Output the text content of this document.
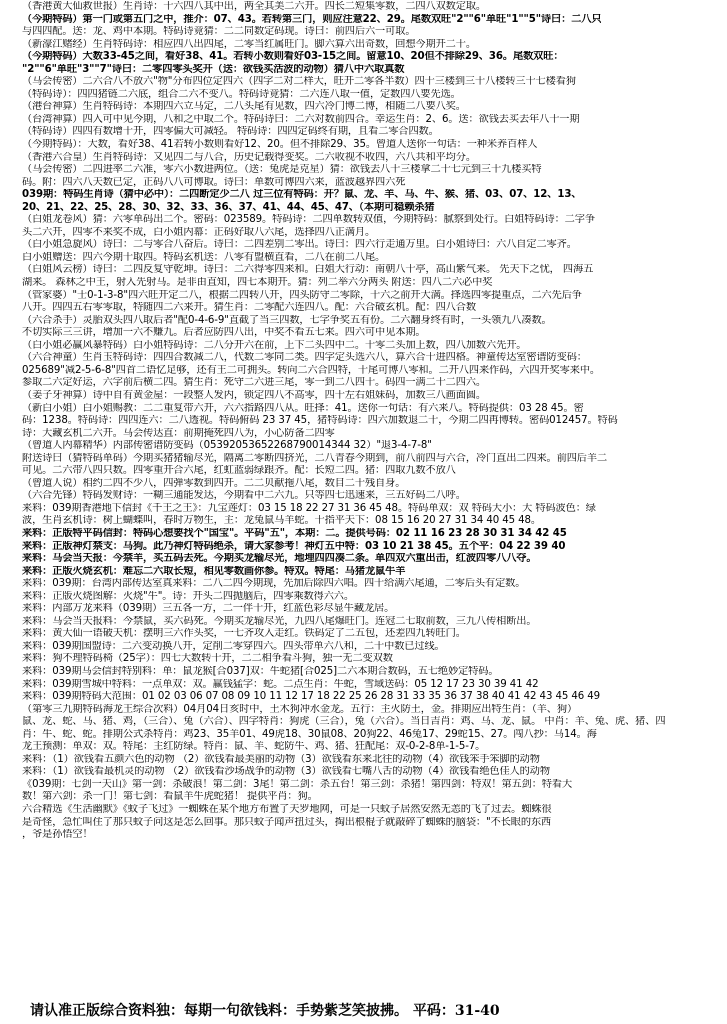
（香港黄大仙救世报）生肖诗：十六四八其中出，两全其美二六开。四长二短集零数，二四八双数定取。
（今期特码）第一门或第五门之中，推介：07、43。若转第三门，则应注意22、29。尾数双旺"2""6"单旺"1""5"诗曰：二八只
与四四配。送：龙、鸡中本期。特码诗竟猜：二二同数定码现。诗曰：前四后六一可取。
（新濠江赌经）生肖特码诗：相应四八出四尾，二零当红属旺门。脚六算六出奇数，回想今期开二十。
（今期特码）大数33-45之间，看好38、41。若转小数则看好03-15之间。留意10、20但不排除29、36。尾数双旺：
"2""6"单旺"3""7"诗曰：二零四零头奖开（送：欲钱买活波的动物）猜八中六取真数
（马会传密）二六合八不放六"物"分布四位定四六（四字二对二样大，旺开二零各半数）四十三楼到三十八楼转三十七楼看狗
（特码诗）：四四猪链二六底，组合二六不变八。特码诗竟猜：二六连八取一值，定数四八要先选。
（港台神算）生肖特码诗：本期四六立马定，二八头尾有见数，四六冷门博二博，相随二八要八奖。
（台湾神算）四入可中见今期，八和之中取二个。特码诗曰：二六对数前四合。幸运生肖：2、6。送：欲钱去买去年八十一期
（特码诗）四四有数增十开，四零偏大可减轻。 特码诗：四四定码终有期，且看二零合四数。
（今期特码）：大数，看好38、41若转小数则看好12、20。但不排除29、35。曾道人送你一句话：一种米养百样人
（香港六合皇）生肖特码诗：又见四二与八合，历史记载得变奖。二六收视不收四，六八共和平均分。
（马会传密）二四进率二六准，零六小数进两位。（送：兔虎是克星）猜：欲钱去八十三楼拿二十七元到三十九楼买特
码。附：四六八天数已定，正码八八可博取。诗曰：单数可博四六来，蓝波越界四六死
039期：特码生肖诗（猜中必中）：二四断定少二八 过三位有特码：开？鼠、龙、羊、马、牛、猴、猪、03、07、12、13、
20、21、22、25、28、30、32、33、36、37、41、44、45、47、（本期可稳赖杀猪
（白姐龙卷风）猜：六零单码出二个。密码：023589。特码诗：二四单数转双值，今期特码：腻察到处行。白姐特码诗：二字争
头二六开，四零不来奖不成，白小姐内幕：正码好取八六尾，选择四八正满月。
（白小姐急旋风）诗曰：二与零合八奋后。诗曰：二四差别二零出。诗曰：四六行走通万里。白小姐诗曰：六八自定二零齐。
白小姐赠送：四六今期十取四。特码玄机送：八零有盟横直看，二八在前二八尾。
（白姐风云榜）诗曰：二四反复守乾坤。诗曰：二六得零四来和。白姐大行动：南朝八十亭，高山紫气来。 先天下之忧， 四海五
湖来。 森林之中王，射入先射马。是非由直知，四七本期开。猜：列二举六分两头 附送：四八二六必中奖
（管家婆）"士0-1-3-8"四六旺开定二八，根据二四转八开，四头防守二零除，十六之前开大满。择选四零提重点，二六先后争
八开。四四五右零零取，特随四二六来开。猜生肖：二零配六连四八。配：六合破玄机。配：四八合数
（六合杀手）灵胎双头四八取后者"配0-4-6-9"直截了当三四数，七字争奖五有份。二六翻身终有时，一头领九八凑数。
不切实际三三讲，增加一六不赚九。后者应防四八出，中奖不看五七来。四六可中见本期。
（白小姐必赢风暴特码）白小姐特码诗：二八分开六在前，上下二头四中二。十零二头加上数，四八加数六先开。
（六合神童）生肖玉特码诗：四四合数减二八，代数二零同二类。四字定头选六八，算六合十进四格。神童传达室密谱防变码：
025689"减2-5-6-8"四首二语忆足够，还有王二可拥头。转向二六合四特，十尾可博八零和。二开八四来作码，六四开奖零来中。
参取二六定好运，六字前后横二四。猜生肖：死守二六进三尾，零一到二八四十。码四一满二十二四六。
（姜子牙神算）诗中自有黄金屋：一段整人发内，锁定四八不高零，四十左右姐妹码，加数三八画面圆。
（新白小姐）白小姐赐教：二二重复带六开，六六指路四八从。旺择：41。送你一句话：有六来八。特码提供：03 28 45。密
码：1238。特码诗：四四连六：二八透视。特码俯码 23 37 45，猪特码诗：四六加数退二十，今期二四再博转。密码012457。特码
诗：大藏玄机二六开。马会传达直：前期掩死四八为，小心防备二四零
（曾道人内幕精华）内部传密谱防变码（05392053652268790014344 32）"退3-4-7-8"
附送诗曰（猜特码单码）今期买猪猪输尽光，隔离二零断四挤光，二八青春今期到，前八前四与六合，冷门直出二四来。前四后羊二
可见。二六带八四只数。四零重开合六尾，红虹蓝弱绿跟齐。配：长短二四。猪：四取九数不放八
（曾道人说）相约二四不少八，四弹零数到四开。二二贝献拖八尾，数目二十残自身。
（六合先锋）特码发财诗：一糊三通能发达，今期看中二六九。只等四七迅速来，三五好码二八呼。
来料：039期香港地下信封《千王之王》：九宝莲灯：03 15 18 22 27 31 36 45 48。特码单双：双 特码大小：大 特码波色：绿
波，生肖玄机诗：树上蝴蝶叫，春时万物生，主：龙兔鼠马羊蛇。十指平天下：08 15 16 20 27 31 34 40 45 48。
来料：正版特平码信封：特码心想要找个"国宝"。平码"五"，本期：二。提供号码：02 11 16 23 28 30 31 34 42 45
来料：正版神灯禁支：马狗。此乃神灯特码绝杀，请大家参考！神灯五中特：03 10 21 38 45。五个平：04 22 39 40
来料：马会当天报：今禁羊，买五码去死。今期买龙输尽光，地埋四四凑二条。单四双六重出击，红波四零八八夺。
来料：正版火烧玄机：难忘二六取长短，相见零数画你参。特双。特尾：马猪龙鼠牛羊
来料：039期：台湾内部传达室真来料：二八二四今期现，先加后除四六唱。四十给满六尾通，二零后头有定数。
来料：正版火烧图解：火烧"牛"。诗：开头二四抛脑后，四零乘数得六六。
来料：内部万龙来料（039期）三五各一方，二一伴十开，红蓝色彩尽显牛藏龙居。
来料：马会当天报料：今禁鼠，买六码死。今期买龙输尽光，九四八尾爆旺门。连冠二七取前数，三九八传相断出。
来料：黄大仙一语破天机：摆明三六作头奖，一七齐攻入走红。铁码定了二五包，还差四九转旺门。
来料：039期国盟诗：二六变动换八开，定削二零穿四六。四头带单六八和，二十中数已过线。
来料：狗不理特码椅（25字）：四七大数转十开，二二相争看斗狗，独一无二变双数
来料：039期马会信封特别料：单：鼠龙猴[合037]双：牛蛇猪[合025]二六本期合数码，五七绝妙定特码。
来料：039期雪城中特料：一点单双：双。赢钱猛字：蛇。二点生肖：牛蛇，雪域送码：05 12 17 23 30 39 41 42
来料：039期特码大范围：01 02 03 06 07 08 09 10 11 12 17 18 22 25 26 28 31 33 35 36 37 38 40 41 42 43 45 46 49
（第零三九期特码海龙王综合次料）04月04日亥时中，土木狗冲水金龙。五行：主火防土，金。排期应出特生肖：（羊、狗）
鼠、龙、蛇、马、猪、鸡，（三合）、兔（六合）、四字特肖：狗虎（三合），兔（六合）。当日吉肖：鸡、马、龙、鼠。 中肖：羊、兔、虎、猪、四
肖：牛、蛇、蛇。排期公式杀特肖：鸡23、35羊01、49虎18、30鼠08、20狗22、46兔17、29蛇15、27。闯八抄：马14。海
龙王预测：单双：双。特尾：主红防绿。特肖：鼠、羊、蛇防牛、鸡、猪、狂配尾：双-0-2-8单-1-5-7。
来料：（1）欲钱看五颜六色的动物 （2）欲钱看最美丽的动物（3）欲钱看东来北往的动物（4）欲钱笨手笨脚的动物
来料：（1）欲钱看最机灵的动物 （2）欲钱看沙场战争的动物（3）欲钱看七嘴八舌的动物（4）欲钱看绝色佳人的动物
《039期：七剑一天山》第一剑：杀破浪！第二剑：3尾！第二剑：杀五台！第三剑：杀猪！第四剑：特双！第五剑：特看大
数！第六剑：杀一门！第七剑：看鼠羊牛虎蛇猪！ 提供平肖：狗。
六合精选《生活幽默》《蚊子飞过》一蜘蛛在某个地方布置了天罗地网，可是一只蚊子居然安然无恙的飞了过去。蜘蛛很
是奇怪，急忙叫住了那只蚊子问这是怎么回事。那只蚊子闻声扭过头，掏出根棍子就敲碎了蜘蛛的脑袋："不长眼的东西
，爷是孙悟空！
请认准正版综合资料独：每期一句欲钱料：手势紫芝笑披拂。 平码：31-40
